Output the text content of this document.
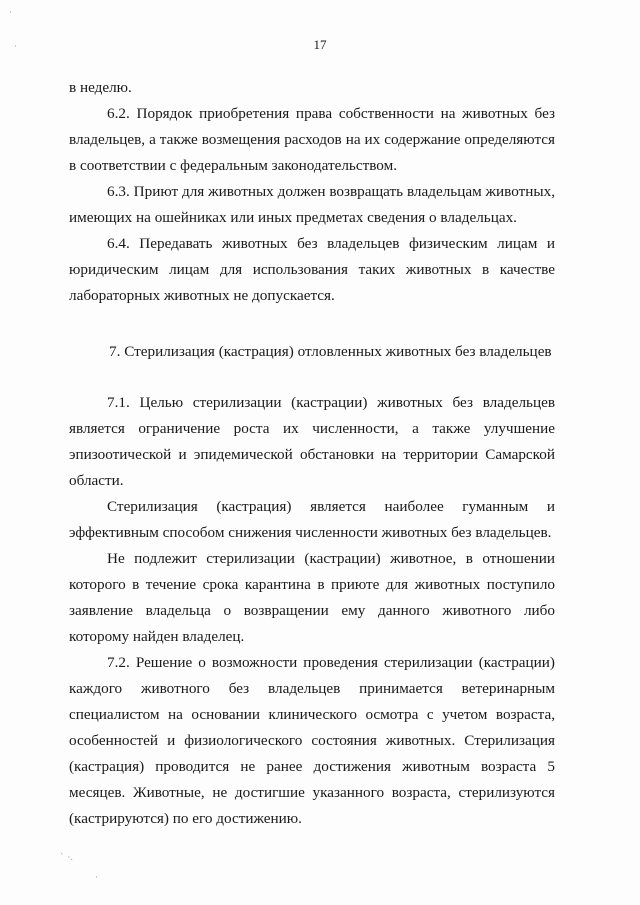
·
·
` ·.
·
17

в неделю.

6.2. Порядок приобретения права собственности на животных без владельцев, а также возмещения расходов на их содержание определяются в соответствии с федеральным законодательством.

6.3. Приют для животных должен возвращать владельцам животных, имеющих на ошейниках или иных предметах сведения о владельцах.

6.4. Передавать животных без владельцев физическим лицам и юридическим лицам для использования таких животных в качестве лабораторных животных не допускается.

7. Стерилизация (кастрация) отловленных животных без владельцев

7.1. Целью стерилизации (кастрации) животных без владельцев является ограничение роста их численности, а также улучшение эпизоотической и эпидемической обстановки на территории Самарской области.

Стерилизация (кастрация) является наиболее гуманным и эффективным способом снижения численности животных без владельцев.

Не подлежит стерилизации (кастрации) животное, в отношении которого в течение срока карантина в приюте для животных поступило заявление владельца о возвращении ему данного животного либо которому найден владелец.

7.2. Решение о возможности проведения стерилизации (кастрации) каждого животного без владельцев принимается ветеринарным специалистом на основании клинического осмотра с учетом возраста, особенностей и физиологического состояния животных. Стерилизация (кастрация) проводится не ранее достижения животным возраста 5 месяцев. Животные, не достигшие указанного возраста, стерилизуются (кастрируются) по его достижению.
